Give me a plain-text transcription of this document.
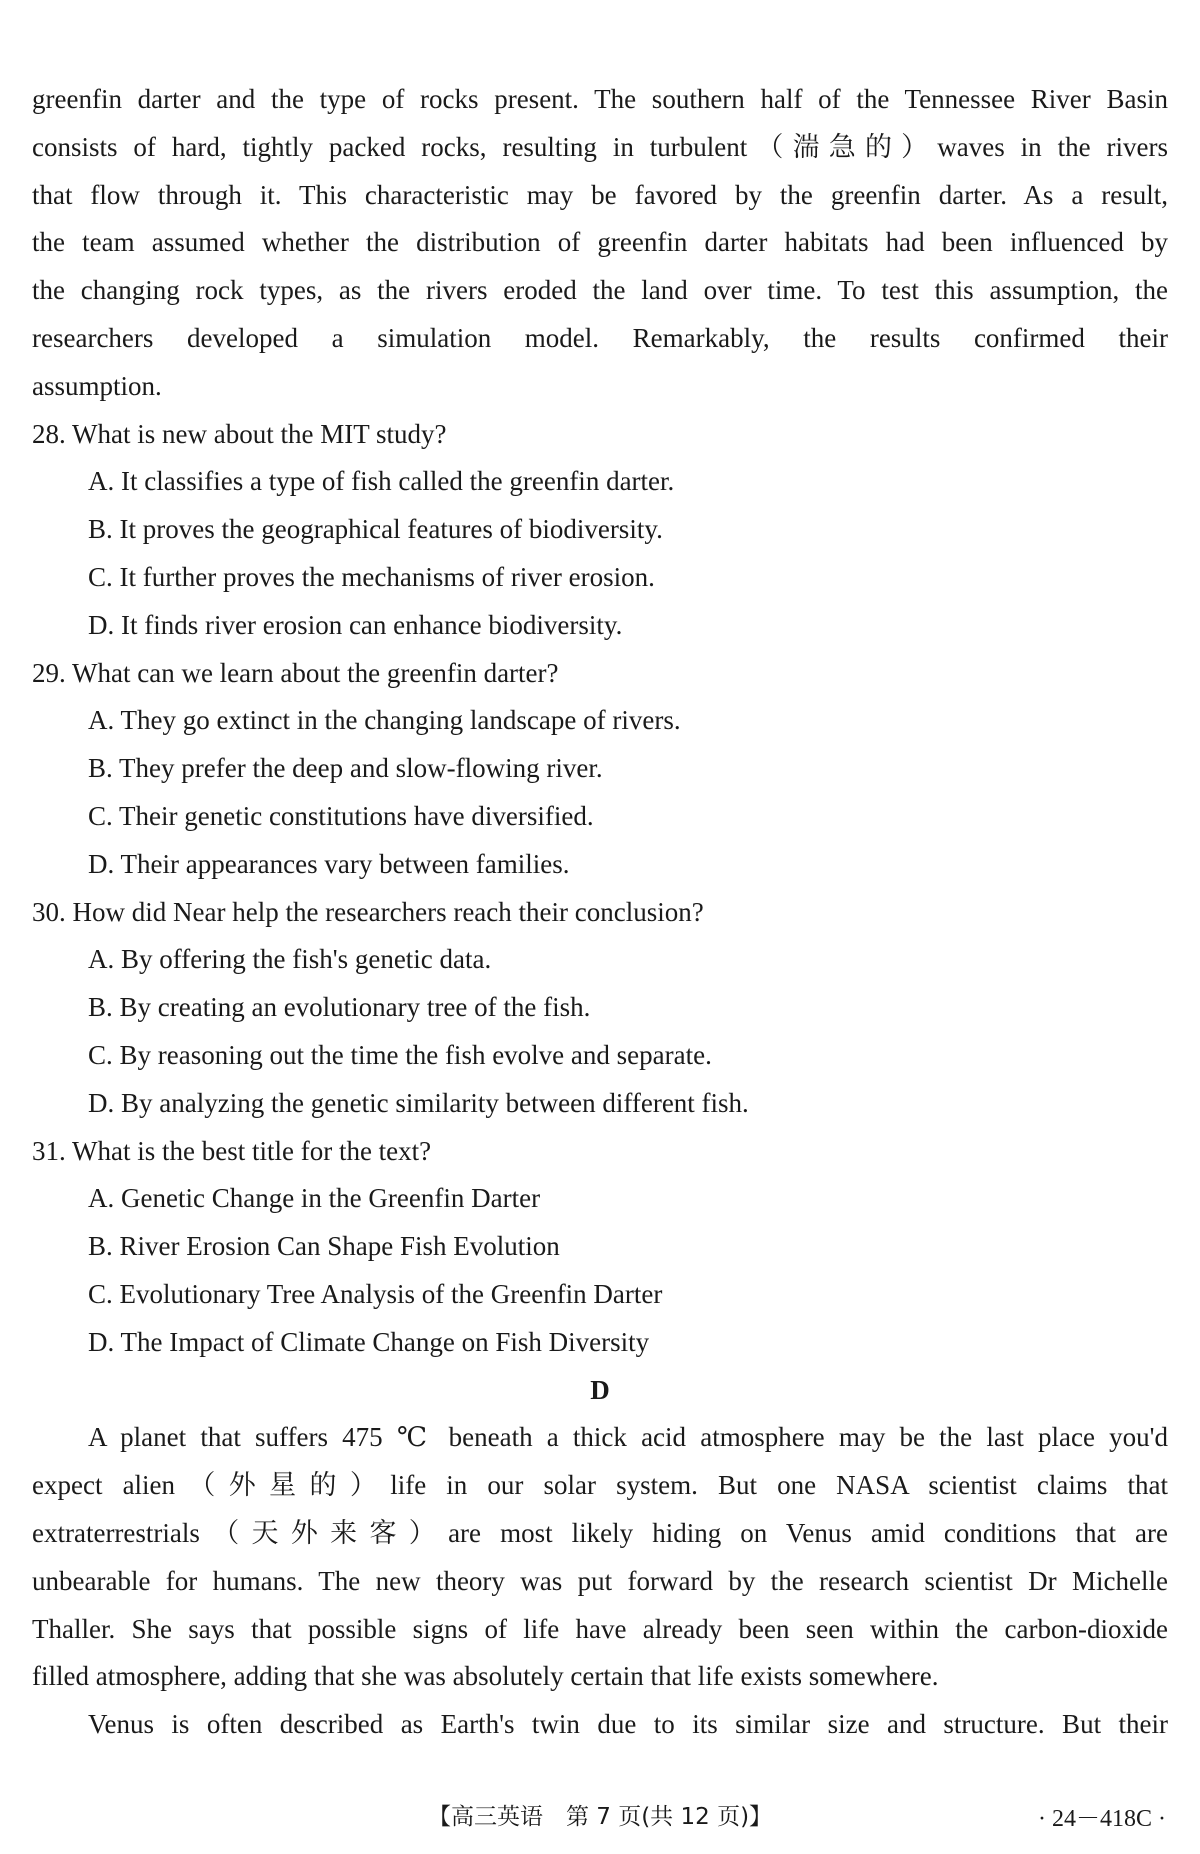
greenfin darter and the type of rocks present. The southern half of the Tennessee River Basin
consists of hard, tightly packed rocks, resulting in turbulent（湍急的）waves in the rivers
that flow through it. This characteristic may be favored by the greenfin darter. As a result,
the team assumed whether the distribution of greenfin darter habitats had been influenced by
the changing rock types, as the rivers eroded the land over time. To test this assumption, the
researchers developed a simulation model. Remarkably, the results confirmed their
assumption.

28. What is new about the MIT study?

A. It classifies a type of fish called the greenfin darter.

B. It proves the geographical features of biodiversity.

C. It further proves the mechanisms of river erosion.

D. It finds river erosion can enhance biodiversity.

29. What can we learn about the greenfin darter?

A. They go extinct in the changing landscape of rivers.

B. They prefer the deep and slow-flowing river.

C. Their genetic constitutions have diversified.

D. Their appearances vary between families.

30. How did Near help the researchers reach their conclusion?

A. By offering the fish's genetic data.

B. By creating an evolutionary tree of the fish.

C. By reasoning out the time the fish evolve and separate.

D. By analyzing the genetic similarity between different fish.

31. What is the best title for the text?

A. Genetic Change in the Greenfin Darter

B. River Erosion Can Shape Fish Evolution

C. Evolutionary Tree Analysis of the Greenfin Darter

D. The Impact of Climate Change on Fish Diversity

D

A planet that suffers 475 ℃ beneath a thick acid atmosphere may be the last place you'd
expect alien（外星的）life in our solar system. But one NASA scientist claims that
extraterrestrials（天外来客）are most likely hiding on Venus amid conditions that are
unbearable for humans. The new theory was put forward by the research scientist Dr Michelle
Thaller. She says that possible signs of life have already been seen within the carbon-dioxide
filled atmosphere, adding that she was absolutely certain that life exists somewhere.

Venus is often described as Earth's twin due to its similar size and structure. But their

【高三英语　第 7 页(共 12 页)】	· 24－418C ·
